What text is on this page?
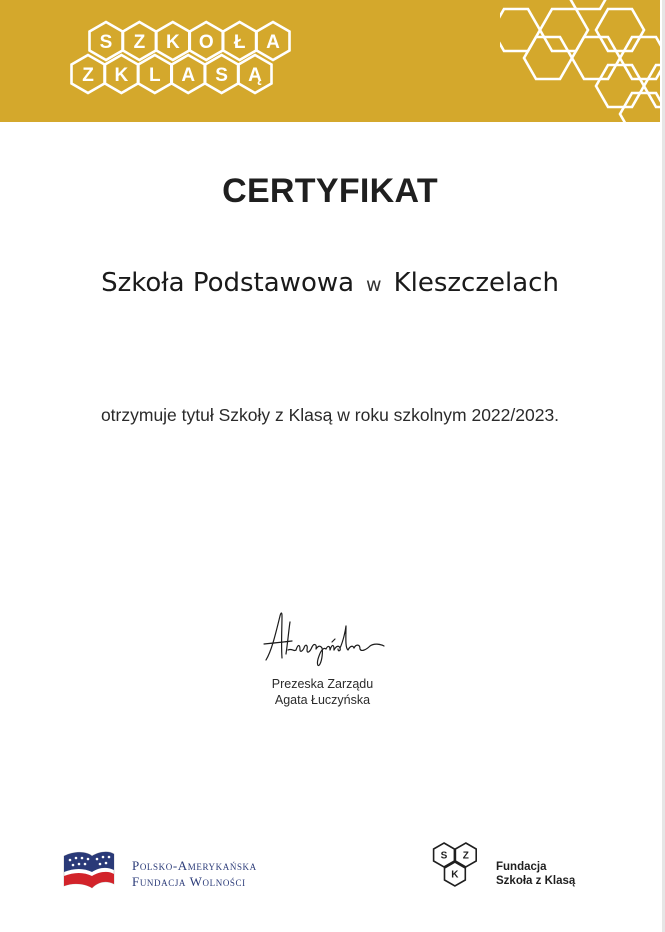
S Z K O Ł A
Z K L A S Ą
CERTYFIKAT
Szkoła Podstawowa w Kleszczelach
otrzymuje tytuł Szkoły z Klasą w roku szkolnym 2022/2023.
Prezeska Zarządu
Agata Łuczyńska
Polsko-Amerykańska
Fundacja Wolności
S Z
K
Fundacja
Szkoła z Klasą
